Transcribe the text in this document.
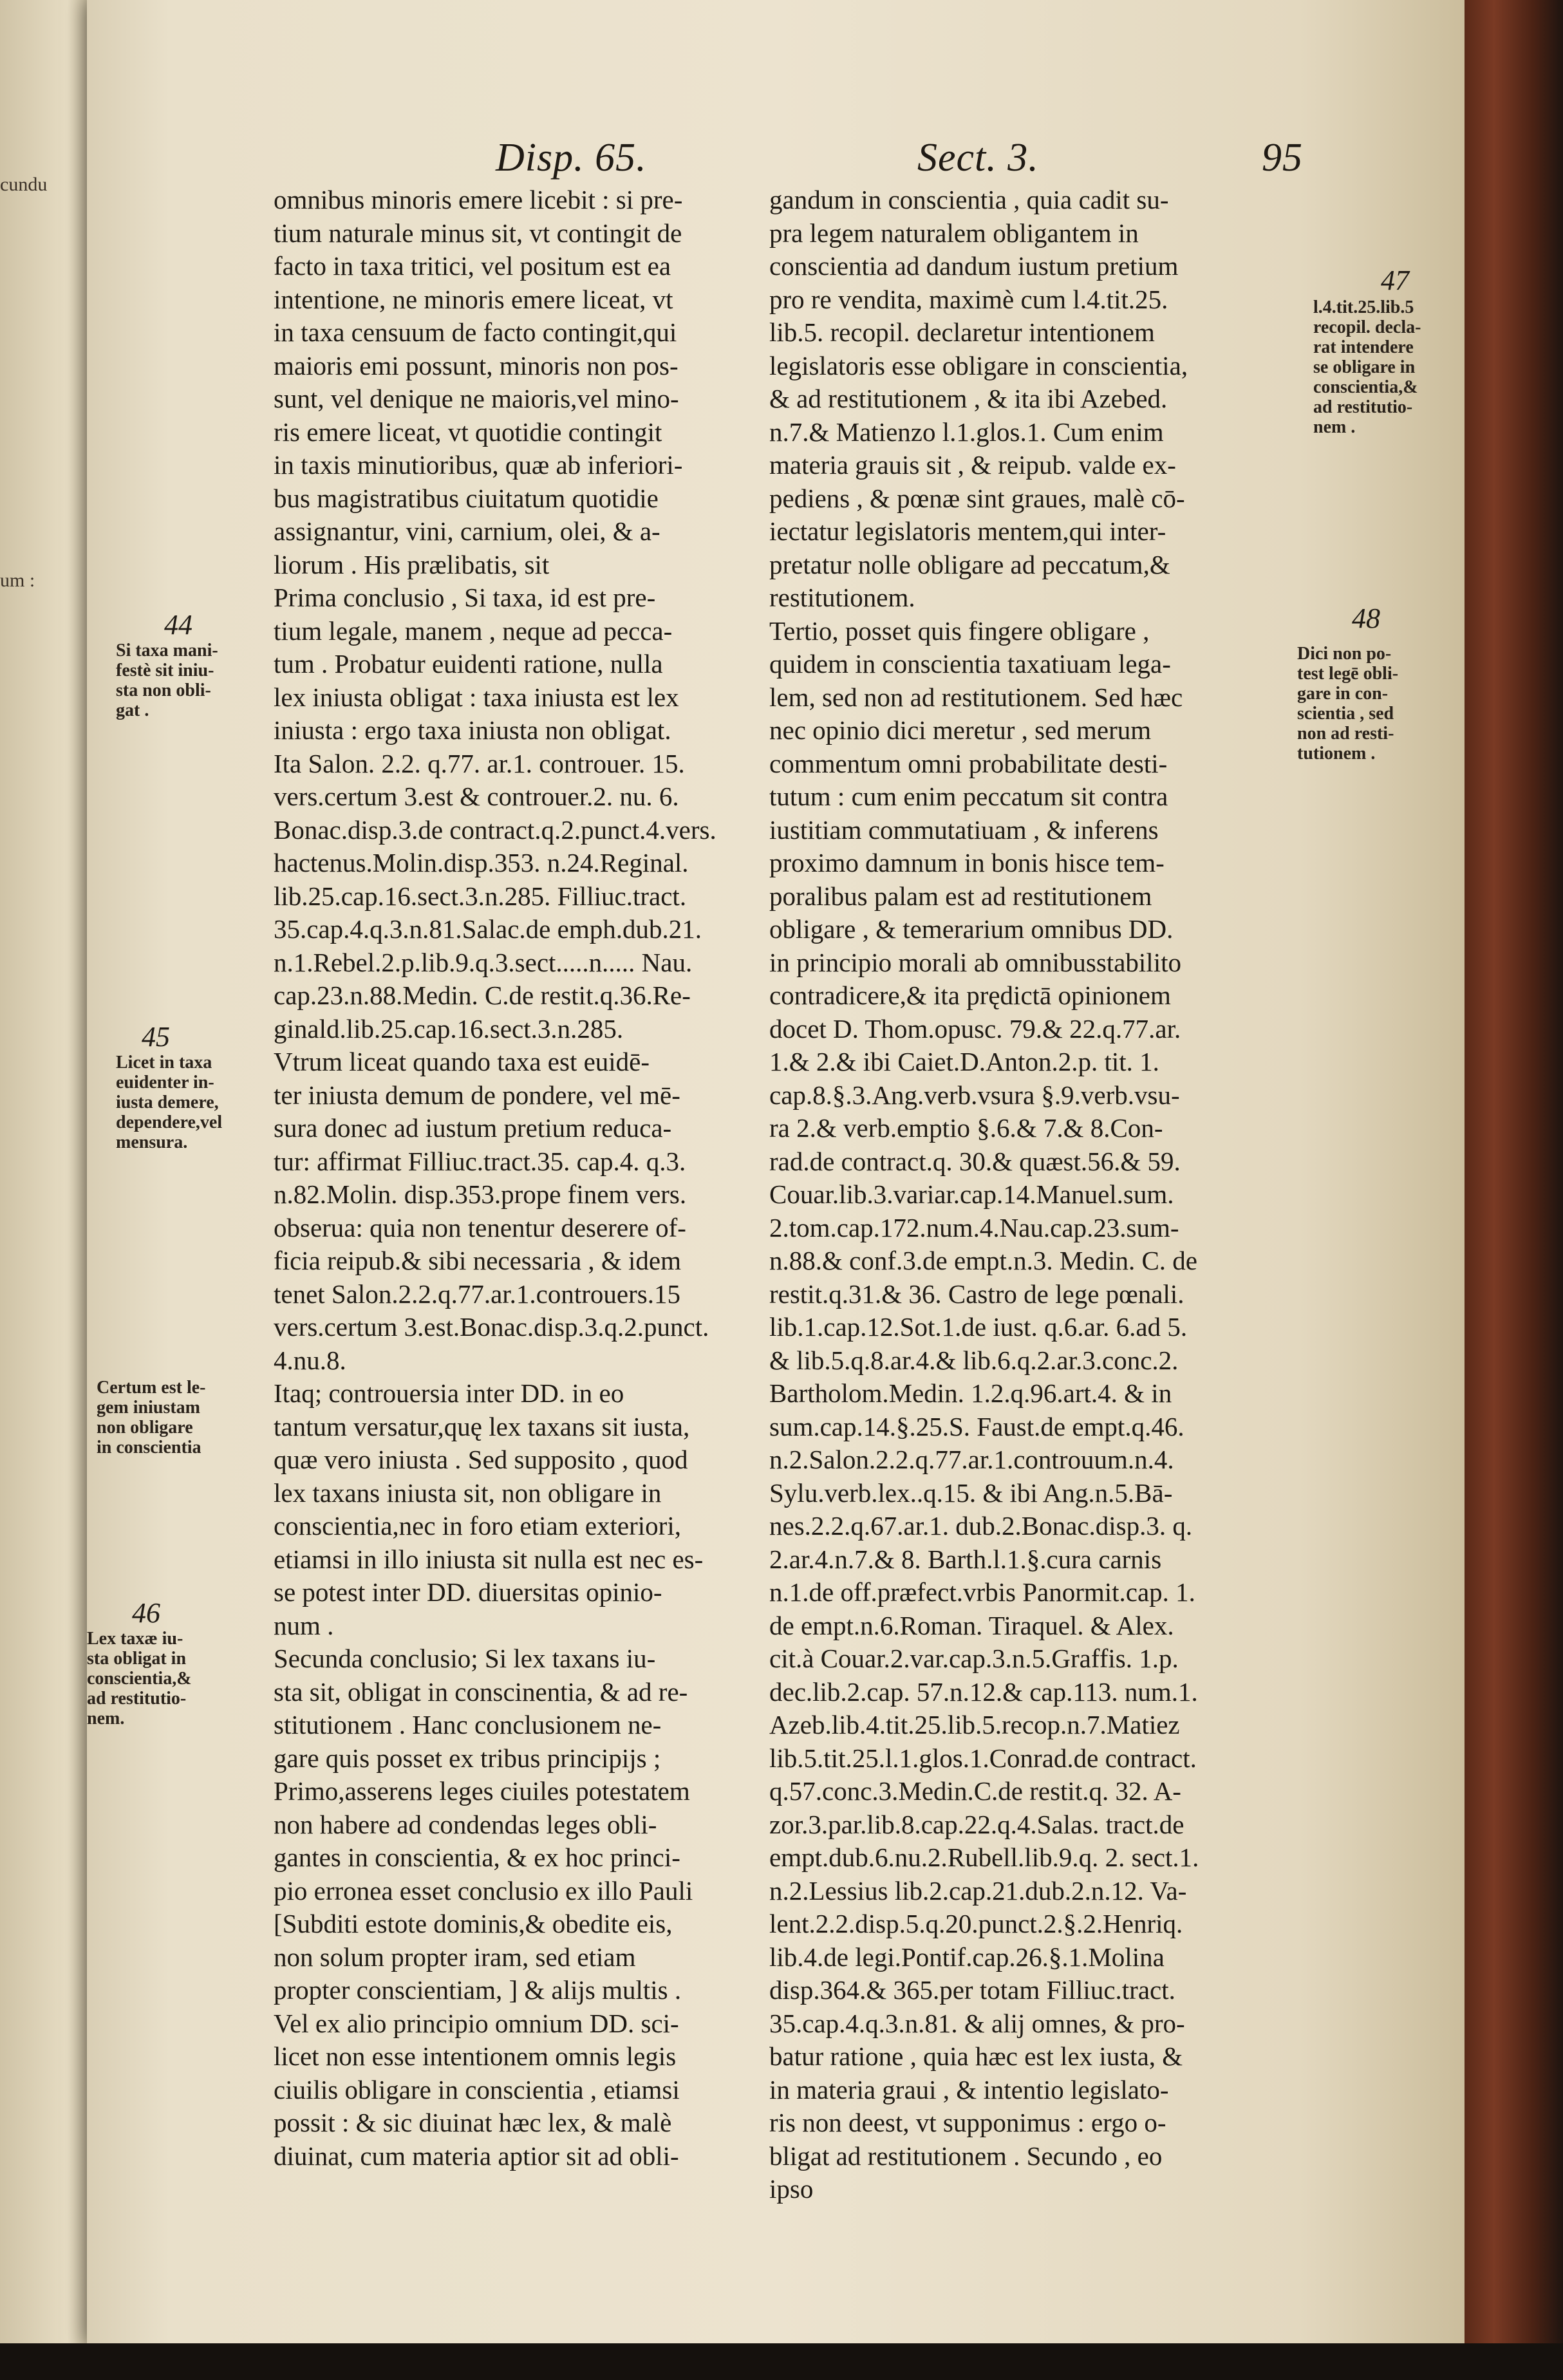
cundu
um :
Disp. 65.	Sect. 3.	95
omnibus minoris emere licebit : si pre-
tium naturale minus sit, vt contingit de
facto in taxa tritici, vel positum est ea
intentione, ne minoris emere liceat, vt
in taxa censuum de facto contingit,qui
maioris emi possunt, minoris non pos-
sunt, vel denique ne maioris,vel mino-
ris emere liceat, vt quotidie contingit
in taxis minutioribus, quæ ab inferiori-
bus magistratibus ciuitatum quotidie
assignantur, vini, carnium, olei, & a-
liorum . His prælibatis, sit
Prima conclusio , Si taxa, id est pre-
tium legale, manem , neque ad pecca-
tum . Probatur euidenti ratione, nulla
lex iniusta obligat : taxa iniusta est lex
iniusta : ergo taxa iniusta non obligat.
Ita Salon. 2.2. q.77. ar.1. controuer. 15.
vers.certum 3.est & controuer.2. nu. 6.
Bonac.disp.3.de contract.q.2.punct.4.vers.
hactenus.Molin.disp.353. n.24.Reginal.
lib.25.cap.16.sect.3.n.285. Filliuc.tract.
35.cap.4.q.3.n.81.Salac.de emph.dub.21.
n.1.Rebel.2.p.lib.9.q.3.sect.....n..... Nau.
cap.23.n.88.Medin. C.de restit.q.36.Re-
ginald.lib.25.cap.16.sect.3.n.285.
Vtrum liceat quando taxa est euidē-
ter iniusta demum de pondere, vel mē-
sura donec ad iustum pretium reduca-
tur: affirmat Filliuc.tract.35. cap.4. q.3.
n.82.Molin. disp.353.prope finem vers.
obserua: quia non tenentur deserere of-
ficia reipub.& sibi necessaria , & idem
tenet Salon.2.2.q.77.ar.1.controuers.15
vers.certum 3.est.Bonac.disp.3.q.2.punct.
4.nu.8.
Itaq; controuersia inter DD. in eo
tantum versatur,quę lex taxans sit iusta,
quæ vero iniusta . Sed supposito , quod
lex taxans iniusta sit, non obligare in
conscientia,nec in foro etiam exteriori,
etiamsi in illo iniusta sit nulla est nec es-
se potest inter DD. diuersitas opinio-
num .
Secunda conclusio; Si lex taxans iu-
sta sit, obligat in conscinentia, & ad re-
stitutionem . Hanc conclusionem ne-
gare quis posset ex tribus principijs ;
Primo,asserens leges ciuiles potestatem
non habere ad condendas leges obli-
gantes in conscientia, & ex hoc princi-
pio erronea esset conclusio ex illo Pauli
[Subditi estote dominis,& obedite eis,
non solum propter iram, sed etiam
propter conscientiam, ] & alijs multis .
Vel ex alio principio omnium DD. sci-
licet non esse intentionem omnis legis
ciuilis obligare in conscientia , etiamsi
possit : & sic diuinat hæc lex, & malè
diuinat, cum materia aptior sit ad obli-
gandum in conscientia , quia cadit su-
pra legem naturalem obligantem in
conscientia ad dandum iustum pretium
pro re vendita, maximè cum l.4.tit.25.
lib.5. recopil. declaretur intentionem
legislatoris esse obligare in conscientia,
& ad restitutionem , & ita ibi Azebed.
n.7.& Matienzo l.1.glos.1. Cum enim
materia grauis sit , & reipub. valde ex-
pediens , & pœnæ sint graues, malè cō-
iectatur legislatoris mentem,qui inter-
pretatur nolle obligare ad peccatum,&
restitutionem.
Tertio, posset quis fingere obligare ,
quidem in conscientia taxatiuam lega-
lem, sed non ad restitutionem. Sed hæc
nec opinio dici meretur , sed merum
commentum omni probabilitate desti-
tutum : cum enim peccatum sit contra
iustitiam commutatiuam , & inferens
proximo damnum in bonis hisce tem-
poralibus palam est ad restitutionem
obligare , & temerarium omnibus DD.
in principio morali ab omnibusstabilito
contradicere,& ita prędictā opinionem
docet D. Thom.opusc. 79.& 22.q.77.ar.
1.& 2.& ibi Caiet.D.Anton.2.p. tit. 1.
cap.8.§.3.Ang.verb.vsura §.9.verb.vsu-
ra 2.& verb.emptio §.6.& 7.& 8.Con-
rad.de contract.q. 30.& quæst.56.& 59.
Couar.lib.3.variar.cap.14.Manuel.sum.
2.tom.cap.172.num.4.Nau.cap.23.sum-
n.88.& conf.3.de empt.n.3. Medin. C. de
restit.q.31.& 36. Castro de lege pœnali.
lib.1.cap.12.Sot.1.de iust. q.6.ar. 6.ad 5.
& lib.5.q.8.ar.4.& lib.6.q.2.ar.3.conc.2.
Bartholom.Medin. 1.2.q.96.art.4. & in
sum.cap.14.§.25.S. Faust.de empt.q.46.
n.2.Salon.2.2.q.77.ar.1.controuum.n.4.
Sylu.verb.lex..q.15. & ibi Ang.n.5.Bā-
nes.2.2.q.67.ar.1. dub.2.Bonac.disp.3. q.
2.ar.4.n.7.& 8. Barth.l.1.§.cura carnis
n.1.de off.præfect.vrbis Panormit.cap. 1.
de empt.n.6.Roman. Tiraquel. & Alex.
cit.à Couar.2.var.cap.3.n.5.Graffis. 1.p.
dec.lib.2.cap. 57.n.12.& cap.113. num.1.
Azeb.lib.4.tit.25.lib.5.recop.n.7.Matiez
lib.5.tit.25.l.1.glos.1.Conrad.de contract.
q.57.conc.3.Medin.C.de restit.q. 32. A-
zor.3.par.lib.8.cap.22.q.4.Salas. tract.de
empt.dub.6.nu.2.Rubell.lib.9.q. 2. sect.1.
n.2.Lessius lib.2.cap.21.dub.2.n.12. Va-
lent.2.2.disp.5.q.20.punct.2.§.2.Henriq.
lib.4.de legi.Pontif.cap.26.§.1.Molina
disp.364.& 365.per totam Filliuc.tract.
35.cap.4.q.3.n.81. & alij omnes, & pro-
batur ratione , quia hæc est lex iusta, &
in materia graui , & intentio legislato-
ris non deest, vt supponimus : ergo o-
bligat ad restitutionem . Secundo , eo
ipso
44
Si taxa mani-
festè sit iniu-
sta non obli-
gat .
45
Licet in taxa
euidenter in-
iusta demere,
dependere,vel
mensura.
Certum est le-
gem iniustam
non obligare
in conscientia
46
Lex taxæ iu-
sta obligat in
conscientia,&
ad restitutio-
nem.
47
l.4.tit.25.lib.5
recopil. decla-
rat intendere
se obligare in
conscientia,&
ad restitutio-
nem .
48
Dici non po-
test legē obli-
gare in con-
scientia , sed
non ad resti-
tutionem .
